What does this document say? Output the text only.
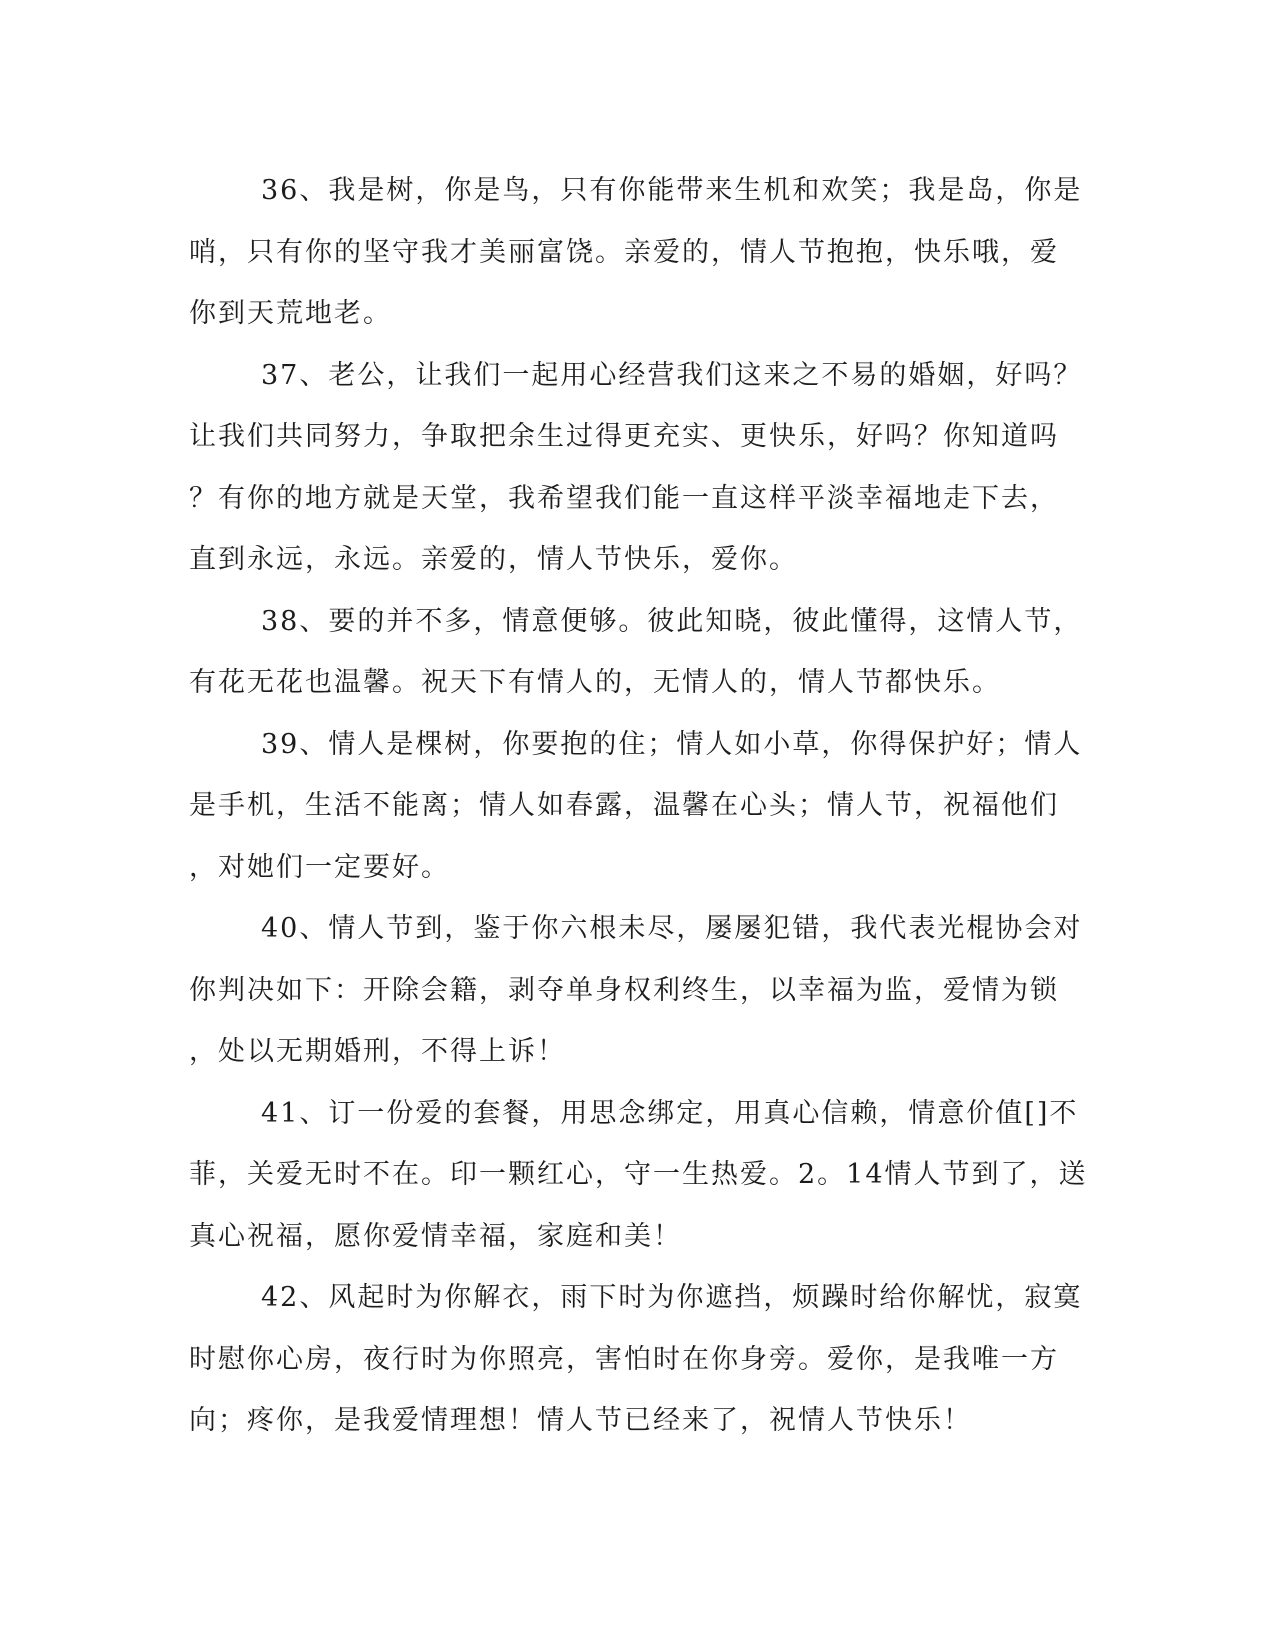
36、我是树，你是鸟，只有你能带来生机和欢笑；我是岛，你是
哨，只有你的坚守我才美丽富饶。亲爱的，情人节抱抱，快乐哦，爱
你到天荒地老。

37、老公，让我们一起用心经营我们这来之不易的婚姻，好吗？
让我们共同努力，争取把余生过得更充实、更快乐，好吗？你知道吗
？有你的地方就是天堂，我希望我们能一直这样平淡幸福地走下去，
直到永远，永远。亲爱的，情人节快乐，爱你。

38、要的并不多，情意便够。彼此知晓，彼此懂得，这情人节，
有花无花也温馨。祝天下有情人的，无情人的，情人节都快乐。

39、情人是棵树，你要抱的住；情人如小草，你得保护好；情人
是手机，生活不能离；情人如春露，温馨在心头；情人节，祝福他们
，对她们一定要好。

40、情人节到，鉴于你六根未尽，屡屡犯错，我代表光棍协会对
你判决如下：开除会籍，剥夺单身权利终生，以幸福为监，爱情为锁
，处以无期婚刑，不得上诉！

41、订一份爱的套餐，用思念绑定，用真心信赖，情意价值[]不
菲，关爱无时不在。印一颗红心，守一生热爱。2。14情人节到了，送
真心祝福，愿你爱情幸福，家庭和美！

42、风起时为你解衣，雨下时为你遮挡，烦躁时给你解忧，寂寞
时慰你心房，夜行时为你照亮，害怕时在你身旁。爱你，是我唯一方
向；疼你，是我爱情理想！情人节已经来了，祝情人节快乐！
